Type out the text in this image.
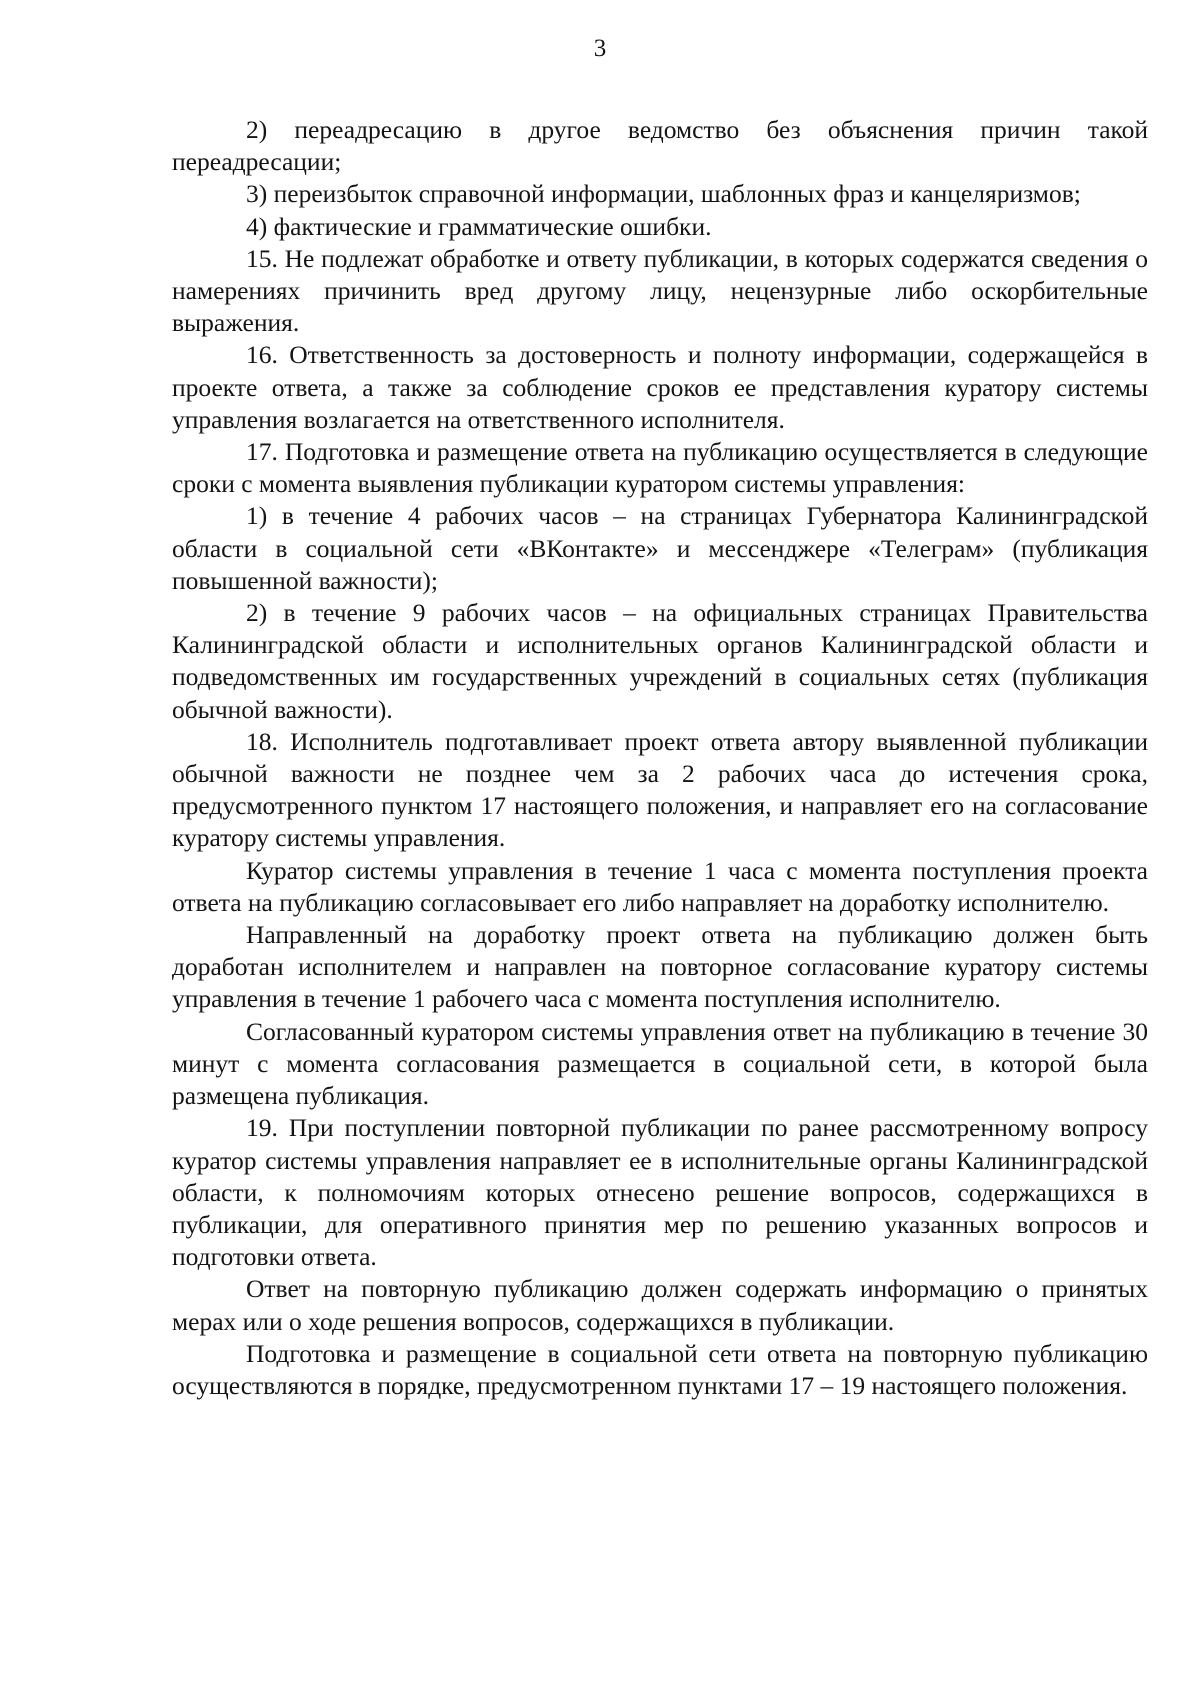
3

2) переадресацию в другое ведомство без объяснения причин такой переадресации;

3) переизбыток справочной информации, шаблонных фраз и канцеляризмов;

4) фактические и грамматические ошибки.

15. Не подлежат обработке и ответу публикации, в которых содержатся сведения о намерениях причинить вред другому лицу, нецензурные либо оскорбительные выражения.

16. Ответственность за достоверность и полноту информации, содержащейся в проекте ответа, а также за соблюдение сроков ее представления куратору системы управления возлагается на ответственного исполнителя.

17. Подготовка и размещение ответа на публикацию осуществляется в следующие сроки с момента выявления публикации куратором системы управления:

1) в течение 4 рабочих часов – на страницах Губернатора Калининградской области в социальной сети «ВКонтакте» и мессенджере «Телеграм» (публикация повышенной важности);

2) в течение 9 рабочих часов – на официальных страницах Правительства Калининградской области и исполнительных органов Калининградской области и подведомственных им государственных учреждений в социальных сетях (публикация обычной важности).

18. Исполнитель подготавливает проект ответа автору выявленной публикации обычной важности не позднее чем за 2 рабочих часа до истечения срока, предусмотренного пунктом 17 настоящего положения, и направляет его на согласование куратору системы управления.

Куратор системы управления в течение 1 часа с момента поступления проекта ответа на публикацию согласовывает его либо направляет на доработку исполнителю.

Направленный на доработку проект ответа на публикацию должен быть доработан исполнителем и направлен на повторное согласование куратору системы управления в течение 1 рабочего часа с момента поступления исполнителю.

Согласованный куратором системы управления ответ на публикацию в течение 30 минут с момента согласования размещается в социальной сети, в которой была размещена публикация.

19. При поступлении повторной публикации по ранее рассмотренному вопросу куратор системы управления направляет ее в исполнительные органы Калининградской области, к полномочиям которых отнесено решение вопросов, содержащихся в публикации, для оперативного принятия мер по решению указанных вопросов и подготовки ответа.

Ответ на повторную публикацию должен содержать информацию о принятых мерах или о ходе решения вопросов, содержащихся в публикации.

Подготовка и размещение в социальной сети ответа на повторную публикацию осуществляются в порядке, предусмотренном пунктами 17 – 19 настоящего положения.
